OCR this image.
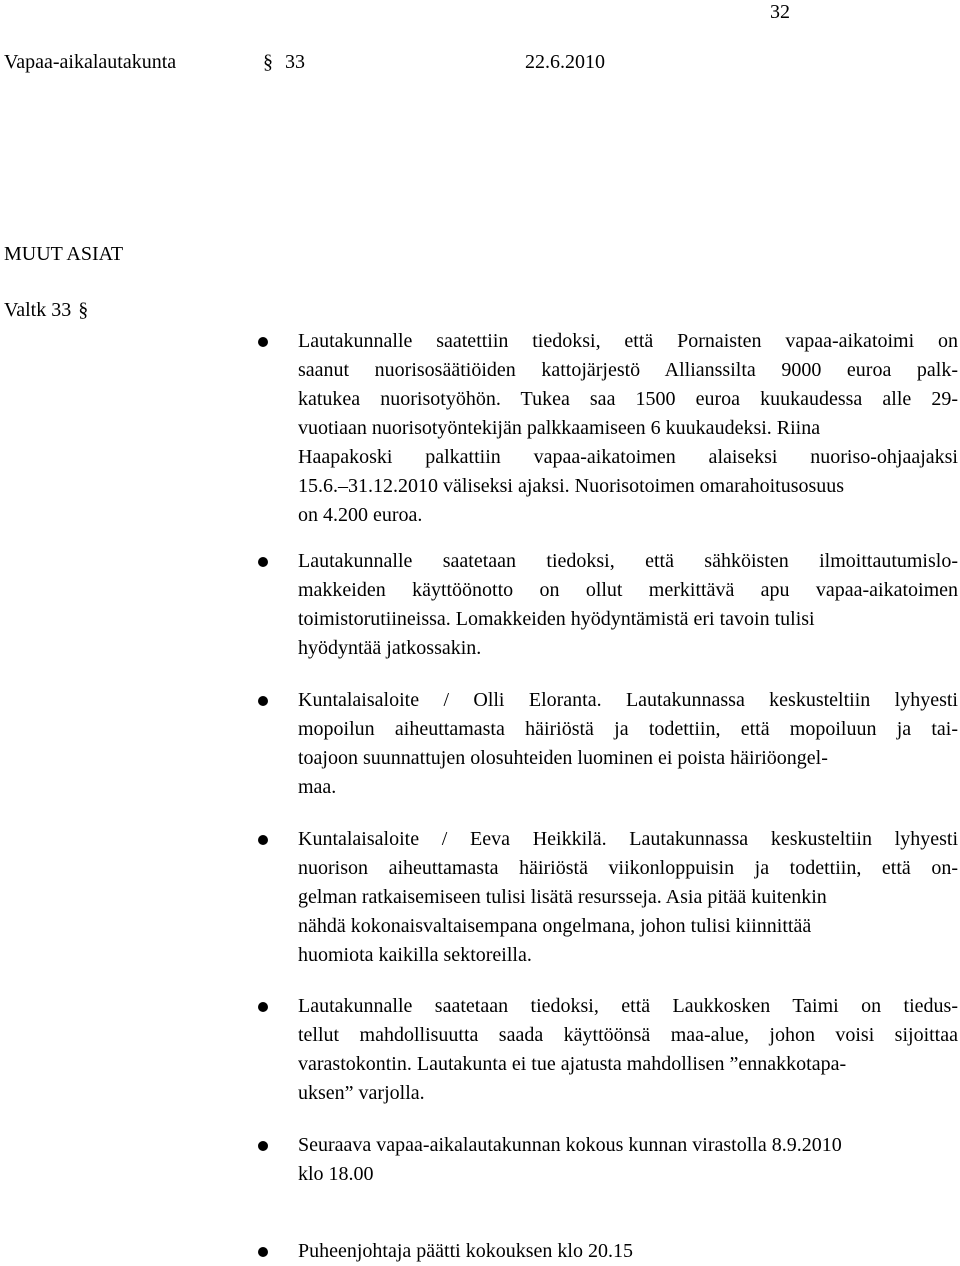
32
Vapaa-aikalautakunta	§ 33	22.6.2010
MUUT ASIAT
Valtk 33 §
Lautakunnalle saatettiin tiedoksi, että Pornaisten vapaa-aikatoimi on
saanut nuorisosäätiöiden kattojärjestö Allianssilta 9000 euroa palk-
katukea nuorisotyöhön. Tukea saa 1500 euroa kuukaudessa alle 29-
vuotiaan nuorisotyöntekijän palkkaamiseen 6 kuukaudeksi. Riina
Haapakoski palkattiin vapaa-aikatoimen alaiseksi nuoriso-ohjaajaksi
15.6.–31.12.2010 väliseksi ajaksi. Nuorisotoimen omarahoitusosuus
on 4.200 euroa.
Lautakunnalle saatetaan tiedoksi, että sähköisten ilmoittautumislo-
makkeiden käyttöönotto on ollut merkittävä apu vapaa-aikatoimen
toimistorutiineissa. Lomakkeiden hyödyntämistä eri tavoin tulisi
hyödyntää jatkossakin.
Kuntalaisaloite / Olli Eloranta. Lautakunnassa keskusteltiin lyhyesti
mopoilun aiheuttamasta häiriöstä ja todettiin, että mopoiluun ja tai-
toajoon suunnattujen olosuhteiden luominen ei poista häiriöongel-
maa.
Kuntalaisaloite / Eeva Heikkilä. Lautakunnassa keskusteltiin lyhyesti
nuorison aiheuttamasta häiriöstä viikonloppuisin ja todettiin, että on-
gelman ratkaisemiseen tulisi lisätä resursseja. Asia pitää kuitenkin
nähdä kokonaisvaltaisempana ongelmana, johon tulisi kiinnittää
huomiota kaikilla sektoreilla.
Lautakunnalle saatetaan tiedoksi, että Laukkosken Taimi on tiedus-
tellut mahdollisuutta saada käyttöönsä maa-alue, johon voisi sijoittaa
varastokontin. Lautakunta ei tue ajatusta mahdollisen ”ennakkotapa-
uksen” varjolla.
Seuraava vapaa-aikalautakunnan kokous kunnan virastolla 8.9.2010
klo 18.00
Puheenjohtaja päätti kokouksen klo 20.15
